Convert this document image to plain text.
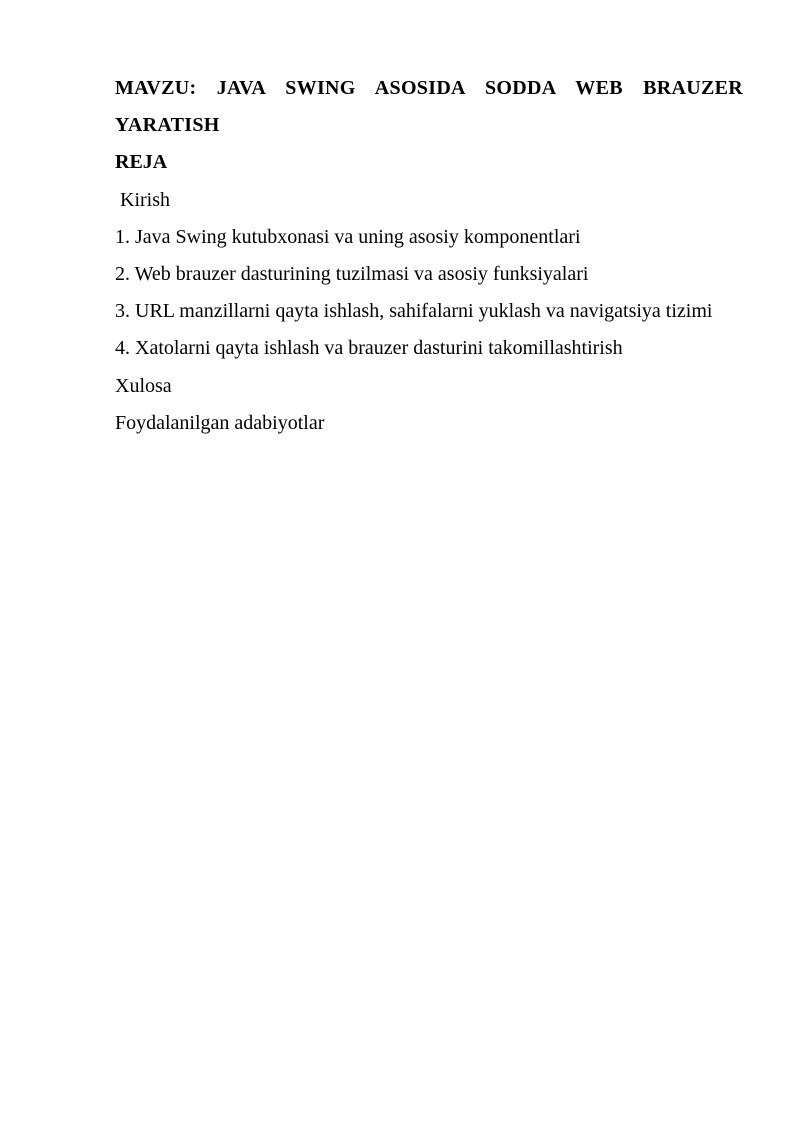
MAVZU: JAVA SWING ASOSIDA SODDA WEB BRAUZER YARATISH

REJA

Kirish

1. Java Swing kutubxonasi va uning asosiy komponentlari

2. Web brauzer dasturining tuzilmasi va asosiy funksiyalari

3. URL manzillarni qayta ishlash, sahifalarni yuklash va navigatsiya tizimi

4. Xatolarni qayta ishlash va brauzer dasturini takomillashtirish

Xulosa

Foydalanilgan adabiyotlar
